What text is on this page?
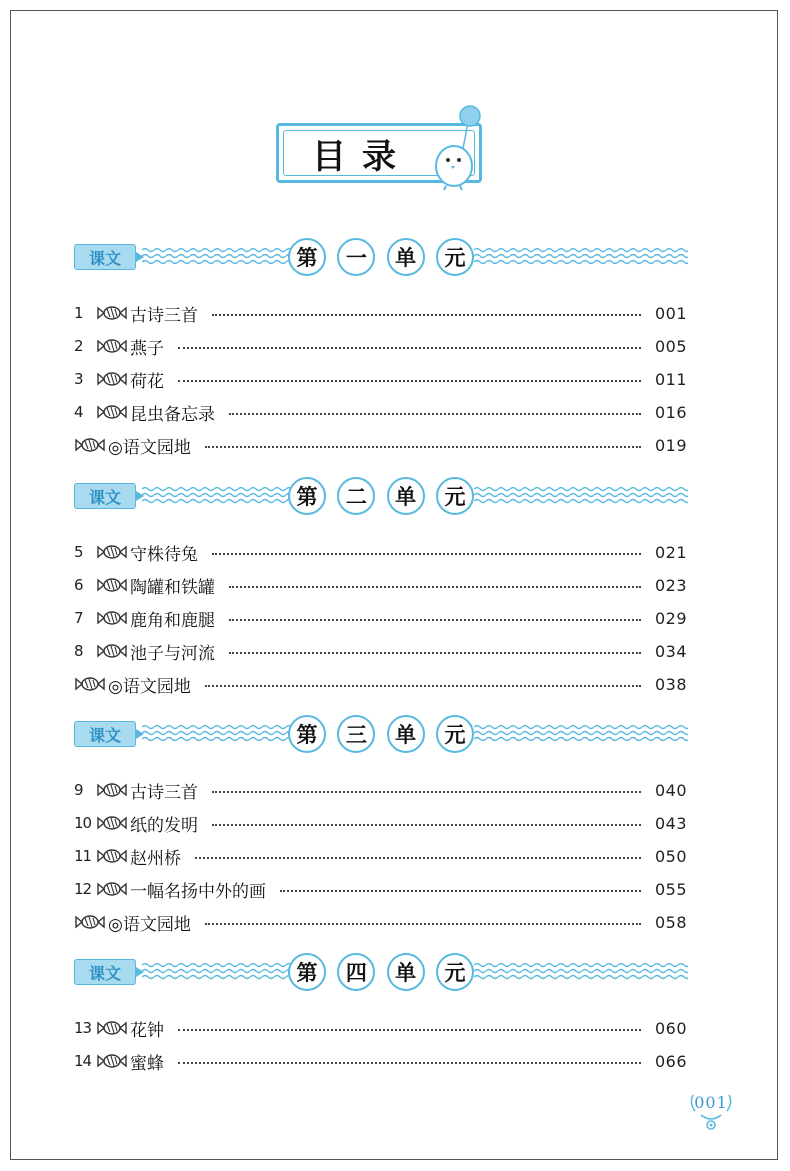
目录
课文	第	一	单	元
1	古诗三首	001
2	燕子	005
3	荷花	011
4	昆虫备忘录	016
◎语文园地	019
课文	第	二	单	元
5	守株待兔	021
6	陶罐和铁罐	023
7	鹿角和鹿腿	029
8	池子与河流	034
◎语文园地	038
课文	第	三	单	元
9	古诗三首	040
10 纸的发明	043
11 赵州桥	050
12 一幅名扬中外的画	055
◎语文园地	058
课文	第	四	单	元
13 花钟	060
14 蜜蜂	066
001
